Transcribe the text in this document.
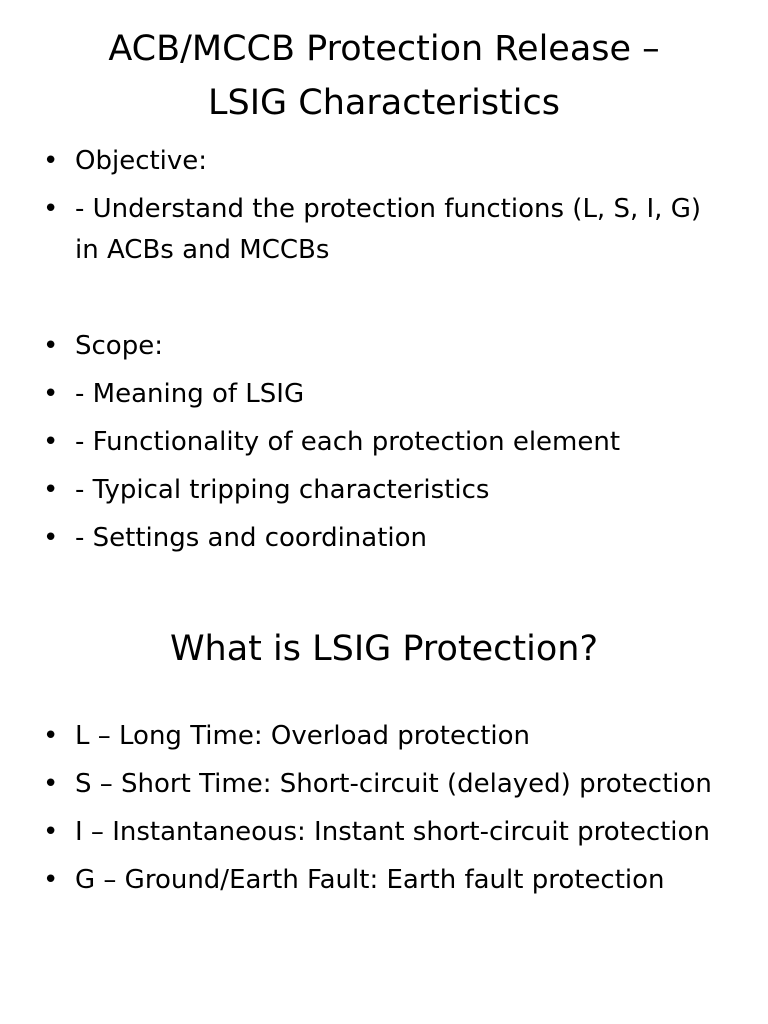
ACB/MCCB Protection Release –
LSIG Characteristics
• Objective:
• - Understand the protection functions (L, S, I, G) in ACBs and MCCBs
• Scope:
• - Meaning of LSIG
• - Functionality of each protection element
• - Typical tripping characteristics
• - Settings and coordination
What is LSIG Protection?
• L – Long Time: Overload protection
• S – Short Time: Short-circuit (delayed) protection
• I – Instantaneous: Instant short-circuit protection
• G – Ground/Earth Fault: Earth fault protection
